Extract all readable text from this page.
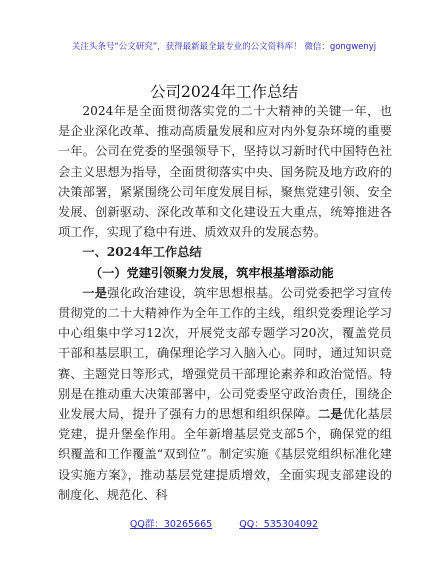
关注头条号“公文研究”，获得最新最全最专业的公文资料库！ 微信：gongwenyj
公司2024年工作总结

2024年是全面贯彻落实党的二十大精神的关键一年，也是企业深化改革、推动高质量发展和应对内外复杂环境的重要一年。公司在党委的坚强领导下，坚持以习新时代中国特色社会主义思想为指导，全面贯彻落实中央、国务院及地方政府的决策部署，紧紧围绕公司年度发展目标，聚焦党建引领、安全发展、创新驱动、深化改革和文化建设五大重点，统筹推进各项工作，实现了稳中有进、质效双升的发展态势。

一、2024年工作总结

（一）党建引领聚力发展，筑牢根基增添动能

一是强化政治建设，筑牢思想根基。公司党委把学习宣传贯彻党的二十大精神作为全年工作的主线，组织党委理论学习中心组集中学习12次，开展党支部专题学习20次，覆盖党员干部和基层职工，确保理论学习入脑入心。同时，通过知识竞赛、主题党日等形式，增强党员干部理论素养和政治觉悟。特别是在推动重大决策部署中，公司党委坚守政治责任，围绕企业发展大局，提升了强有力的思想和组织保障。二是优化基层党建，提升堡垒作用。全年新增基层党支部5个，确保党的组织覆盖和工作覆盖“双到位”。制定实施《基层党组织标准化建设实施方案》，推动基层党建提质增效，全面实现支部建设的制度化、规范化、科

QQ群：30265665	QQ：535304092
